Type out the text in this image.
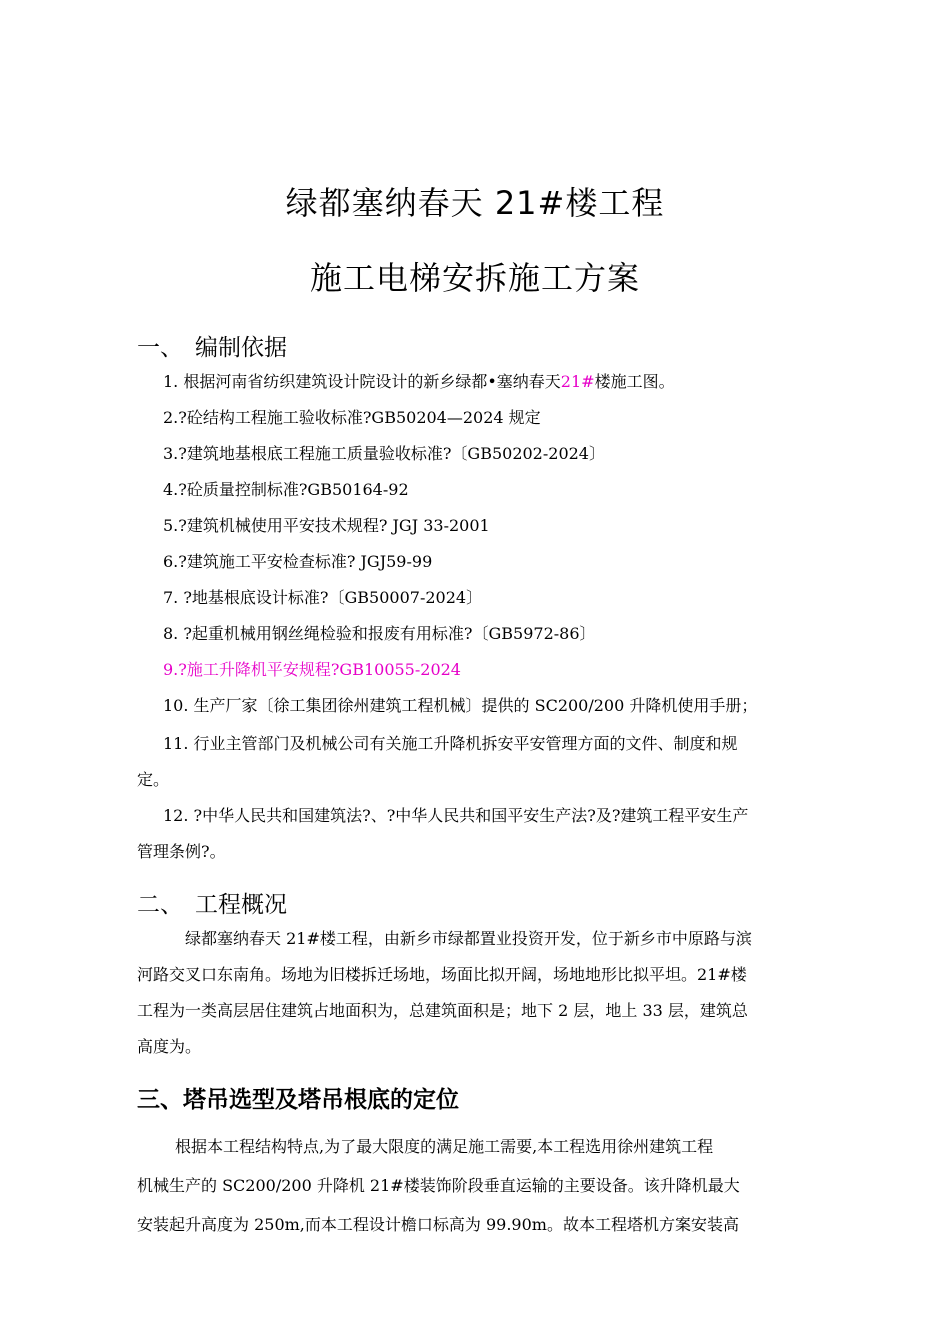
绿都塞纳春天 21#楼工程
施工电梯安拆施工方案
一、 编制依据
1. 根据河南省纺织建筑设计院设计的新乡绿都•塞纳春天21#楼施工图。
2.?砼结构工程施工验收标准?GB50204—2024 规定
3.?建筑地基根底工程施工质量验收标准?〔GB50202-2024〕
4.?砼质量控制标准?GB50164-92
5.?建筑机械使用平安技术规程? JGJ 33-2001
6.?建筑施工平安检查标准? JGJ59-99
7. ?地基根底设计标准?〔GB50007-2024〕
8. ?起重机械用钢丝绳检验和报废有用标准?〔GB5972-86〕
9.?施工升降机平安规程?GB10055-2024
10. 生产厂家〔徐工集团徐州建筑工程机械〕提供的 SC200/200 升降机使用手册；
11. 行业主管部门及机械公司有关施工升降机拆安平安管理方面的文件、制度和规
定。
12. ?中华人民共和国建筑法?、?中华人民共和国平安生产法?及?建筑工程平安生产
管理条例?。
二、 工程概况
绿都塞纳春天 21#楼工程，由新乡市绿都置业投资开发，位于新乡市中原路与滨
河路交叉口东南角。场地为旧楼拆迁场地，场面比拟开阔，场地地形比拟平坦。21#楼
工程为一类高层居住建筑占地面积为，总建筑面积是；地下 2 层，地上 33 层，建筑总
高度为。
三、塔吊选型及塔吊根底的定位
根据本工程结构特点,为了最大限度的满足施工需要,本工程选用徐州建筑工程
机械生产的 SC200/200 升降机 21#楼装饰阶段垂直运输的主要设备。该升降机最大
安装起升高度为 250m,而本工程设计檐口标高为 99.90m。故本工程塔机方案安装高
